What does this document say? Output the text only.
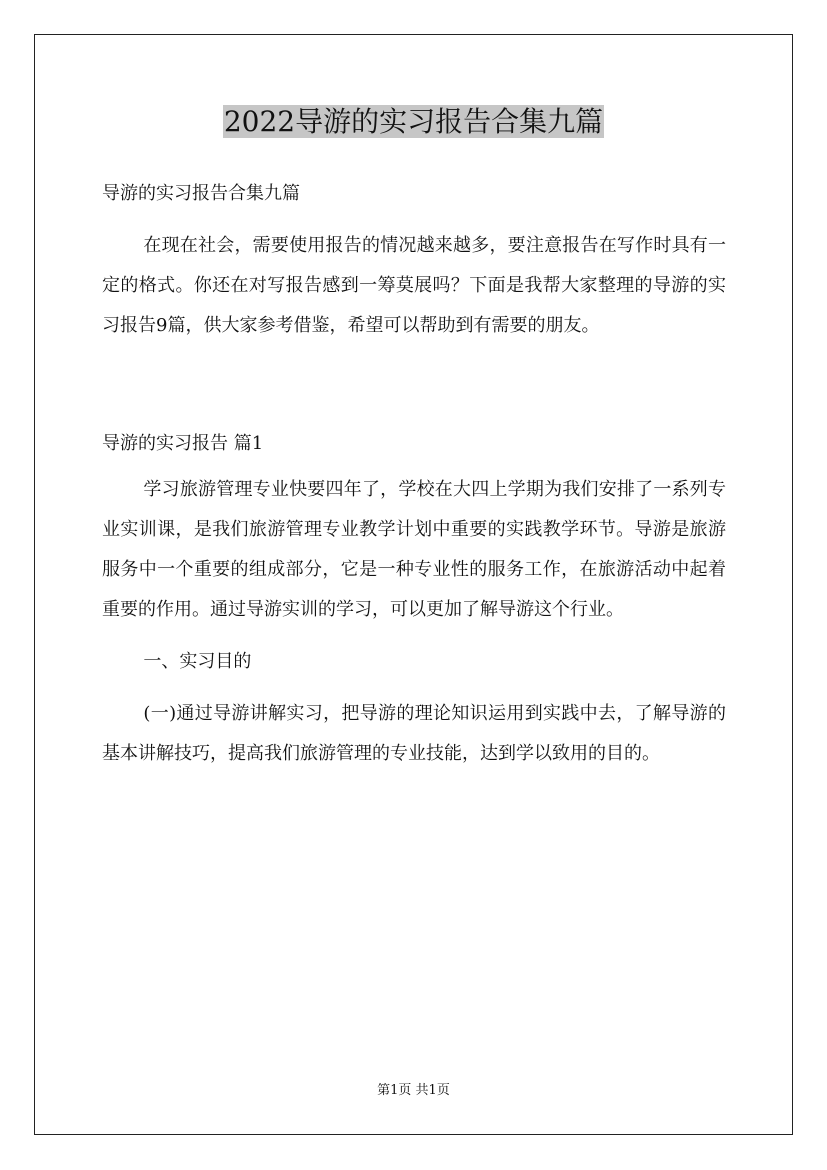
2022导游的实习报告合集九篇

导游的实习报告合集九篇

在现在社会，需要使用报告的情况越来越多，要注意报告在写作时具有一定的格式。你还在对写报告感到一筹莫展吗？下面是我帮大家整理的导游的实习报告9篇，供大家参考借鉴，希望可以帮助到有需要的朋友。

导游的实习报告 篇1

学习旅游管理专业快要四年了，学校在大四上学期为我们安排了一系列专业实训课，是我们旅游管理专业教学计划中重要的实践教学环节。导游是旅游服务中一个重要的组成部分，它是一种专业性的服务工作，在旅游活动中起着重要的作用。通过导游实训的学习，可以更加了解导游这个行业。

一、实习目的

(一)通过导游讲解实习，把导游的理论知识运用到实践中去，了解导游的基本讲解技巧，提高我们旅游管理的专业技能，达到学以致用的目的。

第1页 共1页
